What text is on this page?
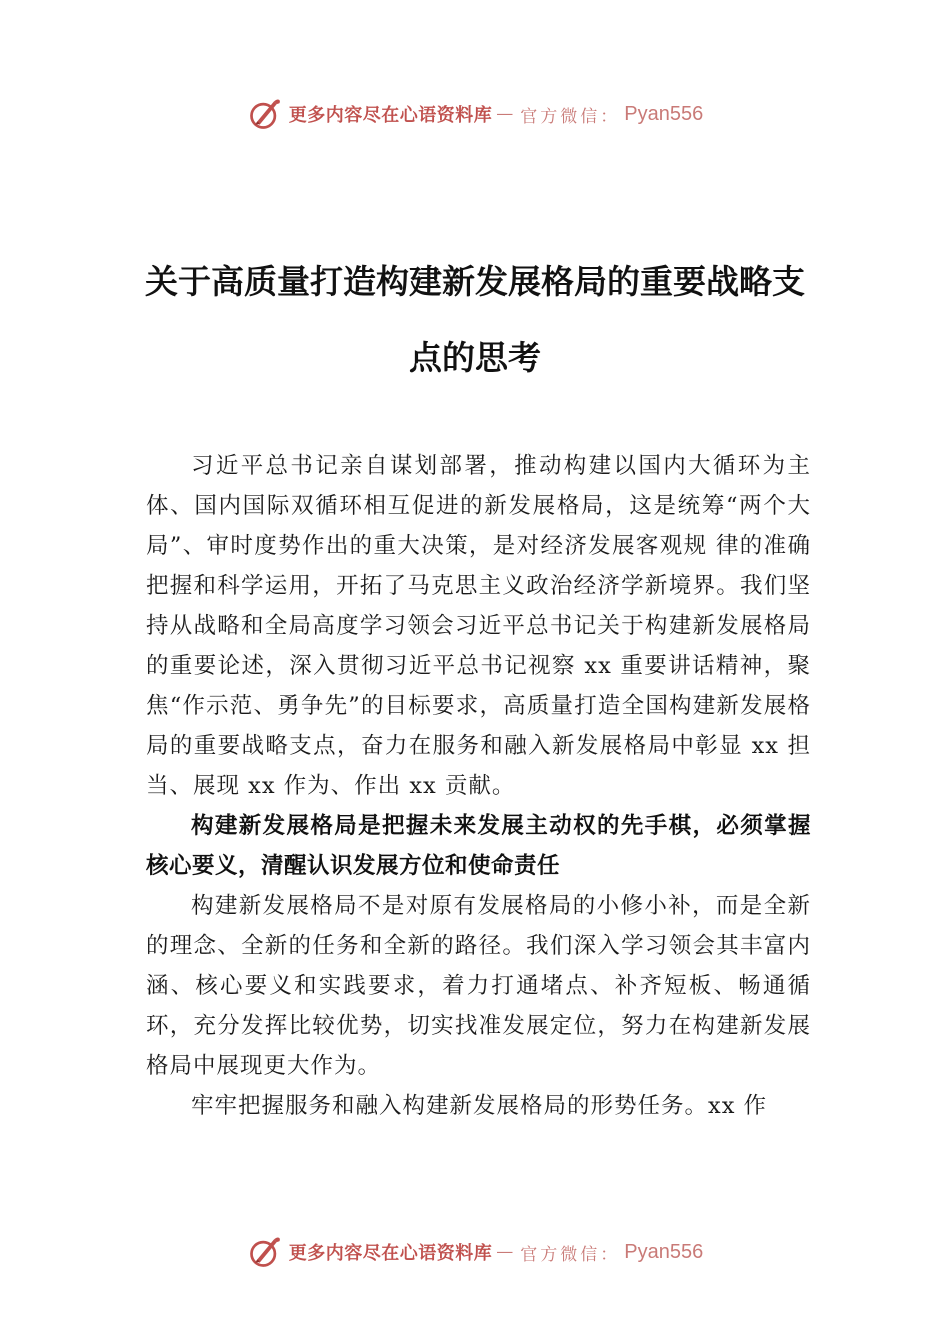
更多内容尽在心语资料库 — 官方微信： Pyan556
关于高质量打造构建新发展格局的重要战略支点的思考

习近平总书记亲自谋划部署，推动构建以国内大循环为主体、国内国际双循环相互促进的新发展格局，这是统筹“两个大局”、审时度势作出的重大决策，是对经济发展客观规 律的准确把握和科学运用，开拓了马克思主义政治经济学新境界。我们坚持从战略和全局高度学习领会习近平总书记关于构建新发展格局的重要论述，深入贯彻习近平总书记视察 xx 重要讲话精神，聚焦“作示范、勇争先”的目标要求，高质量打造全国构建新发展格局的重要战略支点，奋力在服务和融入新发展格局中彰显 xx 担当、展现 xx 作为、作出 xx 贡献。

构建新发展格局是把握未来发展主动权的先手棋，必须掌握核心要义，清醒认识发展方位和使命责任

构建新发展格局不是对原有发展格局的小修小补，而是全新的理念、全新的任务和全新的路径。我们深入学习领会其丰富内涵、核心要义和实践要求，着力打通堵点、补齐短板、畅通循环，充分发挥比较优势，切实找准发展定位，努力在构建新发展格局中展现更大作为。

牢牢把握服务和融入构建新发展格局的形势任务。xx 作

更多内容尽在心语资料库 — 官方微信： Pyan556
